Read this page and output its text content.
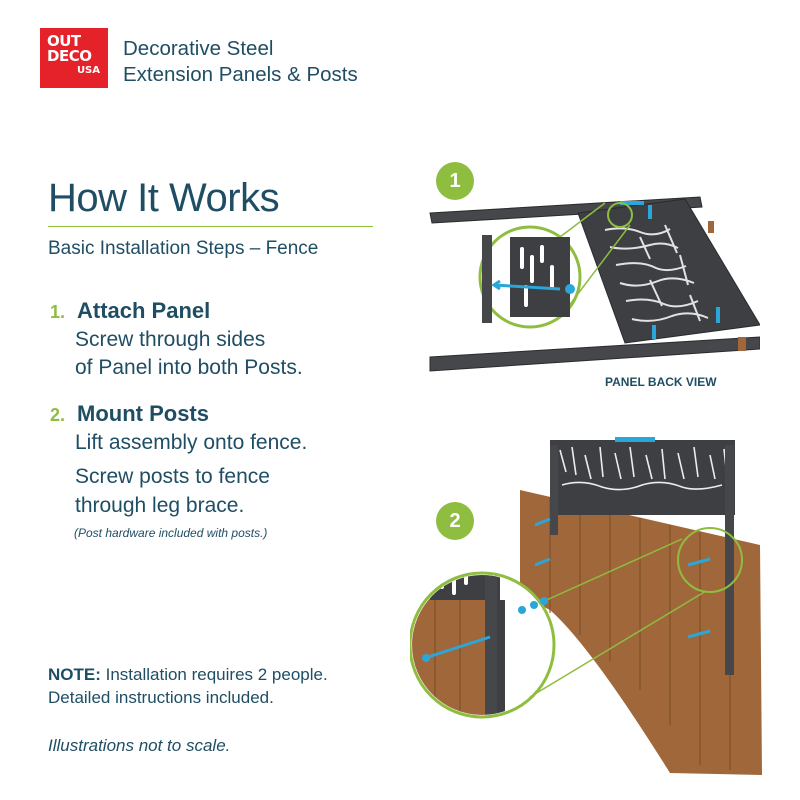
OUT
DECO
USA
Decorative Steel
Extension Panels & Posts
How It Works
Basic Installation Steps – Fence
1. Attach Panel
Screw through sides
of Panel into both Posts.
2. Mount Posts
Lift assembly onto fence.
Screw posts to fence
through leg brace.
(Post hardware included with posts.)
NOTE: Installation requires 2 people.
Detailed instructions included.
Illustrations not to scale.
1
PANEL BACK VIEW
2
